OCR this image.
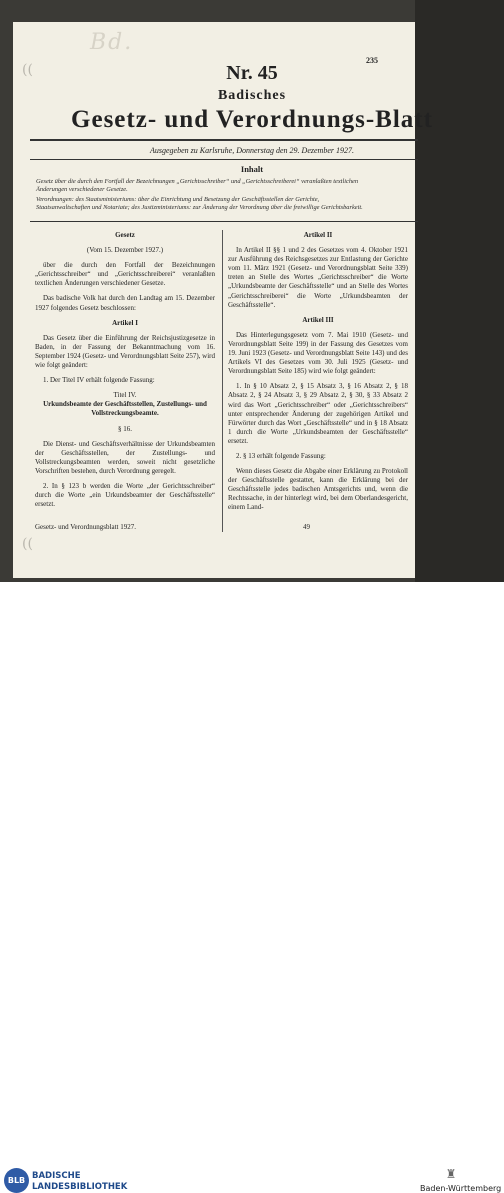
Bd.
((
((
235
Nr. 45
Badisches
Gesetz- und Verordnungs-Blatt
Ausgegeben zu Karlsruhe, Donnerstag den 29. Dezember 1927.
Inhalt
Gesetz über die durch den Fortfall der Bezeichnungen „Gerichtsschreiber“ und „Gerichtsschreiberei“ veranlaßten textlichen
Änderungen verschiedener Gesetze.
Verordnungen: des Staatsministeriums: über die Einrichtung und Besetzung der Geschäftsstellen der Gerichte,
Staatsanwaltschaften und Notariate; des Justizministeriums: zur Änderung der Verordnung über die freiwillige Gerichtsbarkeit.

Gesetz

(Vom 15. Dezember 1927.)

über die durch den Fortfall der Bezeichnungen „Gerichtsschreiber“ und „Gerichtsschreiberei“ veranlaßten textlichen Änderungen verschiedener Gesetze.

Das badische Volk hat durch den Landtag am 15. Dezember 1927 folgendes Gesetz beschlossen:

Artikel I

Das Gesetz über die Einführung der Reichsjustizgesetze in Baden, in der Fassung der Bekanntmachung vom 16. September 1924 (Gesetz- und Verordnungsblatt Seite 257), wird wie folgt geändert:

1. Der Titel IV erhält folgende Fassung:

Titel IV.

Urkundsbeamte der Geschäftsstellen, Zustellungs- und Vollstreckungsbeamte.

§ 16.

Die Dienst- und Geschäftsverhältnisse der Urkundsbeamten der Geschäftsstellen, der Zustellungs- und Vollstreckungsbeamten werden, soweit nicht gesetzliche Vorschriften bestehen, durch Verordnung geregelt.

2. In § 123 b werden die Worte „der Gerichtsschreiber“ durch die Worte „ein Urkundsbeamter der Geschäftsstelle“ ersetzt.

Artikel II

In Artikel II §§ 1 und 2 des Gesetzes vom 4. Oktober 1921 zur Ausführung des Reichsgesetzes zur Entlastung der Gerichte vom 11. März 1921 (Gesetz- und Verordnungsblatt Seite 339) treten an Stelle des Wortes „Gerichtsschreiber“ die Worte „Urkundsbeamte der Geschäftsstelle“ und an Stelle des Wortes „Gerichtsschreiberei“ die Worte „Urkundsbeamten der Geschäftsstelle“.

Artikel III

Das Hinterlegungsgesetz vom 7. Mai 1910 (Gesetz- und Verordnungsblatt Seite 199) in der Fassung des Gesetzes vom 19. Juni 1923 (Gesetz- und Verordnungsblatt Seite 143) und des Artikels VI des Gesetzes vom 30. Juli 1925 (Gesetz- und Verordnungsblatt Seite 185) wird wie folgt geändert:

1. In § 10 Absatz 2, § 15 Absatz 3, § 16 Absatz 2, § 18 Absatz 2, § 24 Absatz 3, § 29 Absatz 2, § 30, § 33 Absatz 2 wird das Wort „Gerichtsschreiber“ oder „Gerichtsschreibers“ unter entsprechender Änderung der zugehörigen Artikel und Fürwörter durch das Wort „Geschäftsstelle“ und in § 18 Absatz 1 durch die Worte „Urkundsbeamten der Geschäftsstelle“ ersetzt.

2. § 13 erhält folgende Fassung:

Wenn dieses Gesetz die Abgabe einer Erklärung zu Protokoll der Geschäftsstelle gestattet, kann die Erklärung bei der Geschäftsstelle jedes badischen Amtsgerichts und, wenn die Rechtssache, in der hinterlegt wird, bei dem Oberlandesgericht, einem Land-

Gesetz- und Verordnungsblatt 1927.	49
BLB BADISCHE
LANDESBIBLIOTHEK
♜
Baden-Württemberg
